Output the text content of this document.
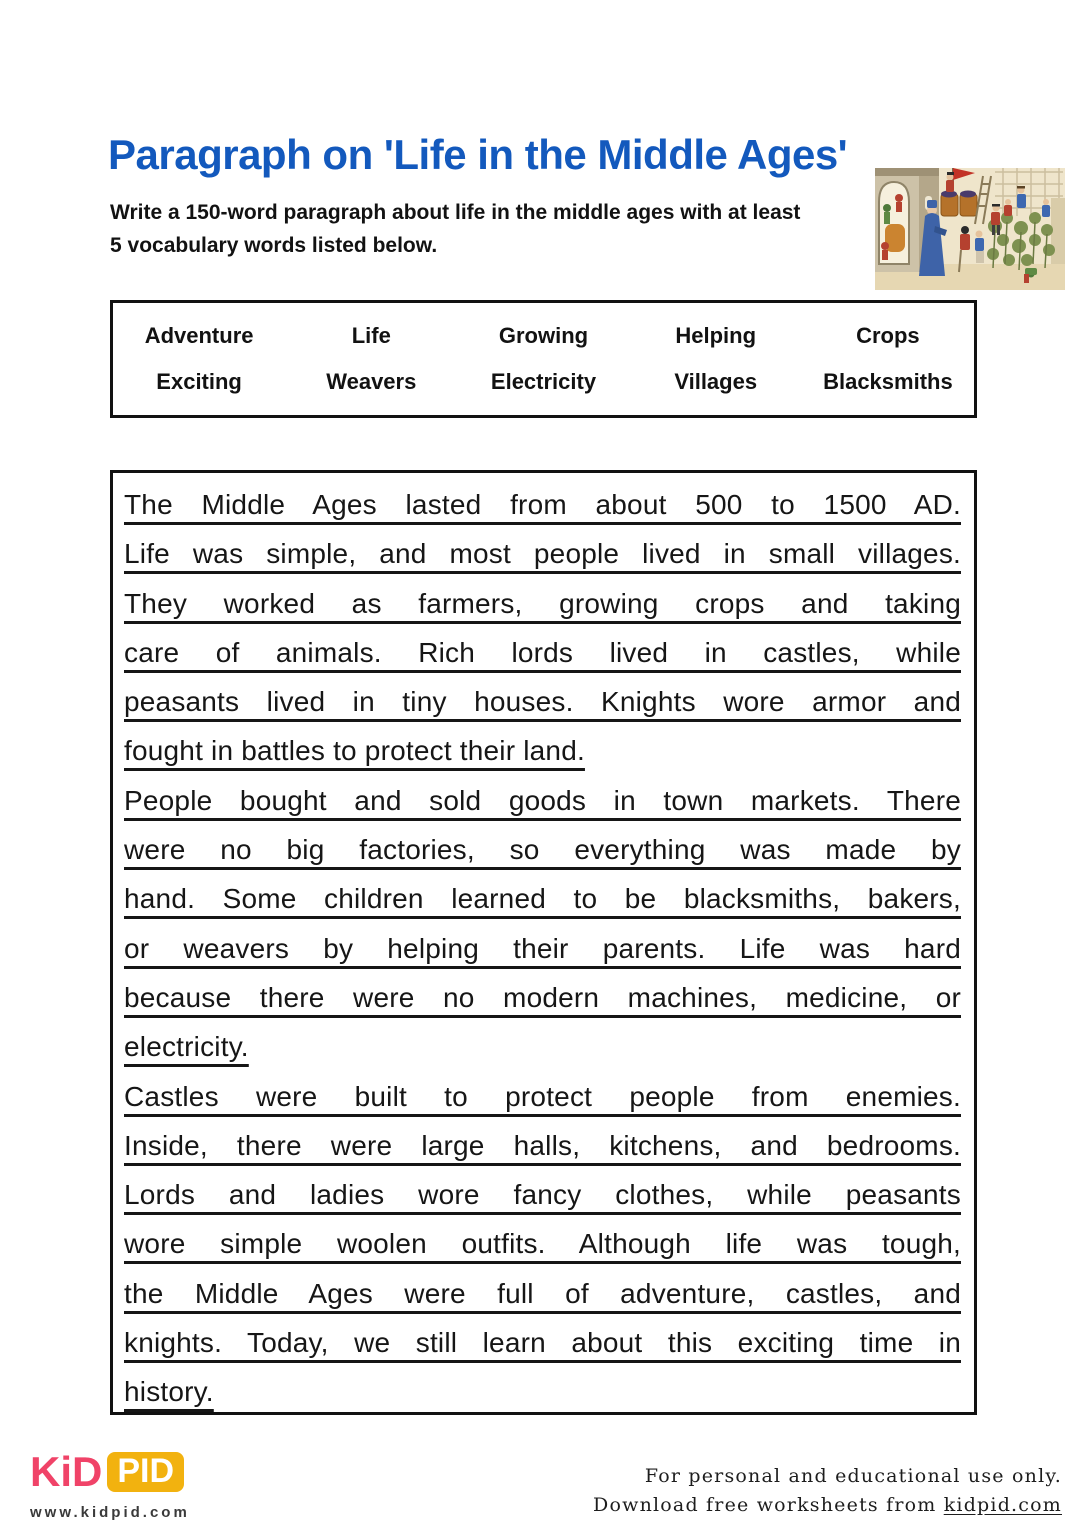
Paragraph on 'Life in the Middle Ages'
Write a 150-word paragraph about life in the middle ages with at least
5 vocabulary words listed below.
Adventure	Life	Growing	Helping	Crops
Exciting	Weavers	Electricity	Villages	Blacksmiths
The Middle Ages lasted from about 500 to 1500 AD.
Life was simple, and most people lived in small villages.
They worked as farmers, growing crops and taking
care of animals. Rich lords lived in castles, while
peasants lived in tiny houses. Knights wore armor and
fought in battles to protect their land.
People bought and sold goods in town markets. There
were no big factories, so everything was made by
hand. Some children learned to be blacksmiths, bakers,
or weavers by helping their parents. Life was hard
because there were no modern machines, medicine, or
electricity.
Castles were built to protect people from enemies.
Inside, there were large halls, kitchens, and bedrooms.
Lords and ladies wore fancy clothes, while peasants
wore simple woolen outfits. Although life was tough,
the Middle Ages were full of adventure, castles, and
knights. Today, we still learn about this exciting time in
history.
KiD PID
www.kidpid.com
For personal and educational use only.
Download free worksheets from kidpid.com
